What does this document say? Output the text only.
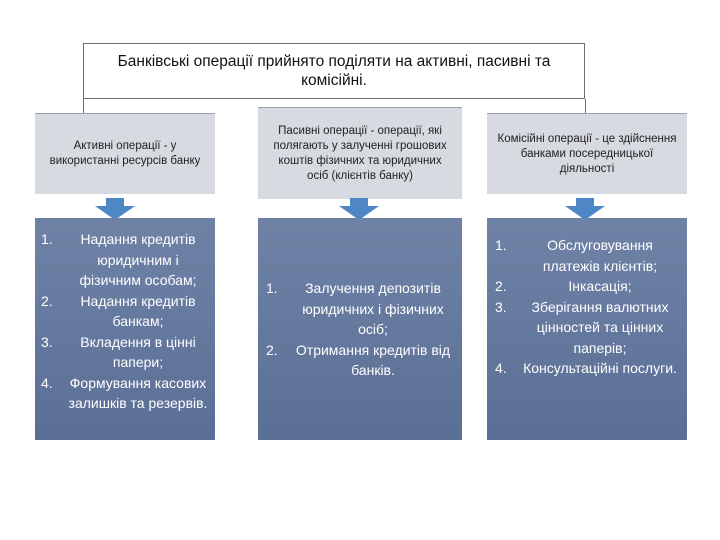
Банківські операції прийнято поділяти на активні, пасивні та комісійні.
Активні операції - у використанні ресурсів банку
1.	Надання кредитів юридичним і фізичним особам;
2.	Надання кредитів банкам;
3.	Вкладення в цінні папери;
4.	Формування касових залишків та резервів.
Пасивні операції - операції, які полягають у залученні грошових коштів фізичних та юридичних осіб (клієнтів банку)
1.	Залучення депозитів юридичних і фізичних осіб;
2.	Отримання кредитів від банків.
Комісійні операції - це здійснення банками посередницької діяльності
1.	Обслуговування платежів клієнтів;
2.	Інкасація;
3.	Зберігання валютних цінностей та цінних паперів;
4.	Консультаційні послуги.
